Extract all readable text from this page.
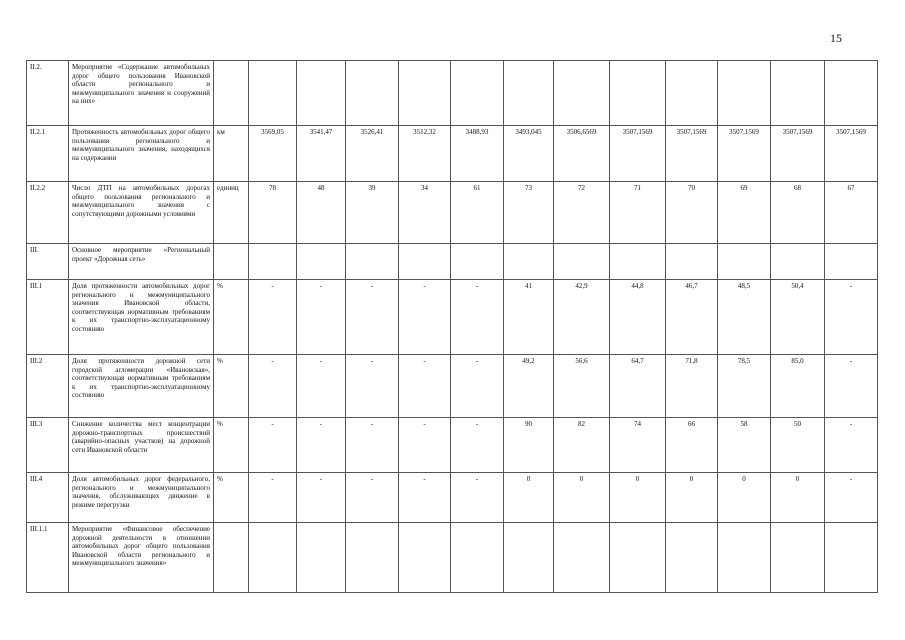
15
II.2.	Мероприятие «Содержание автомобильных дорог общего пользования Ивановской области регионального и межмуниципального значения и сооружений на них»													
II.2.1	Протяженность автомобильных дорог общего пользования регионального и межмуниципального значения, находящихся на содержании	км	3569,05	3541,47	3526,41	3512,32	3488,93	3493,045	3506,6569	3507,1569	3507,1569	3507,1569	3507,1569	3507,1569
II.2.2	Число ДТП на автомобильных дорогах общего пользования регионального и межмуниципального значения с сопутствующими дорожными условиями	единиц	78	48	39	34	61	73	72	71	70	69	68	67
III.	Основное мероприятие «Региональный проект «Дорожная сеть»													
III.1	Доля протяженности автомобильных дорог регионального и межмуниципального значения Ивановской области, соответствующая нормативным требованиям к их транспортно-эксплуатационному состоянию	%	-	-	-	-	-	41	42,9	44,8	46,7	48,5	50,4	-
III.2	Доля протяженности дорожной сети городской агломерации «Ивановская», соответствующая нормативным требованиям к их транспортно-эксплуатационному состоянию	%	-	-	-	-	-	49,2	56,6	64,7	71,8	78,5	85,0	-
III.3	Снижение количества мест концентрации дорожно-транспортных происшествий (аварийно-опасных участков) на дорожной сети Ивановской области	%	-	-	-	-	-	90	82	74	66	58	50	-
III.4	Доля автомобильных дорог федерального, регионального и межмуниципального значения, обслуживающих движение в режиме перегрузки	%	-	-	-	-	-	0	0	0	0	0	0	-
III.1.1	Мероприятие «Финансовое обеспечение дорожной деятельности в отношении автомобильных дорог общего пользования Ивановской области регионального и межмуниципального значения»													
